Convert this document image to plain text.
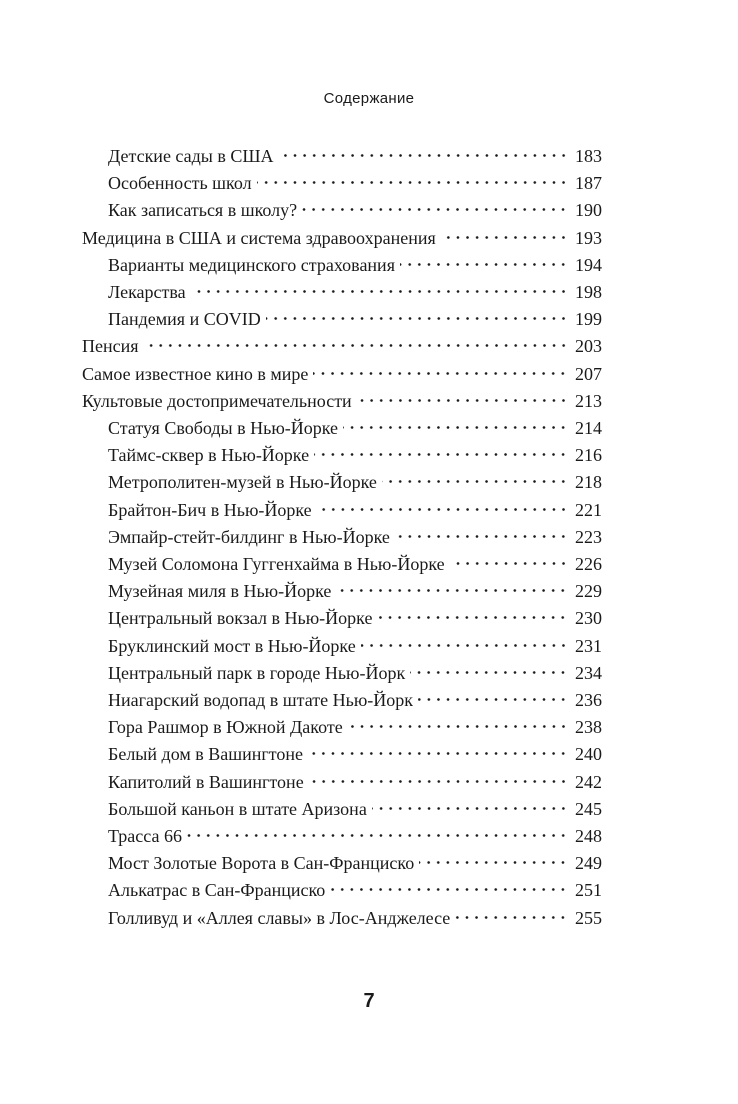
Содержание
Детские сады в США	183
Особенность школ	187
Как записаться в школу?	190
Медицина в США и система здравоохранения	193
Варианты медицинского страхования	194
Лекарства	198
Пандемия и COVID	199
Пенсия	203
Самое известное кино в мире	207
Культовые достопримечательности	213
Статуя Свободы в Нью-Йорке	214
Таймс-сквер в Нью-Йорке	216
Метрополитен-музей в Нью-Йорке	218
Брайтон-Бич в Нью-Йорке	221
Эмпайр-стейт-билдинг в Нью-Йорке	223
Музей Соломона Гуггенхайма в Нью-Йорке	226
Музейная миля в Нью-Йорке	229
Центральный вокзал в Нью-Йорке	230
Бруклинский мост в Нью-Йорке	231
Центральный парк в городе Нью-Йорк	234
Ниагарский водопад в штате Нью-Йорк	236
Гора Рашмор в Южной Дакоте	238
Белый дом в Вашингтоне	240
Капитолий в Вашингтоне	242
Большой каньон в штате Аризона	245
Трасса 66	248
Мост Золотые Ворота в Сан-Франциско	249
Алькатрас в Сан-Франциско	251
Голливуд и «Аллея славы» в Лос-Анджелесе	255
7
